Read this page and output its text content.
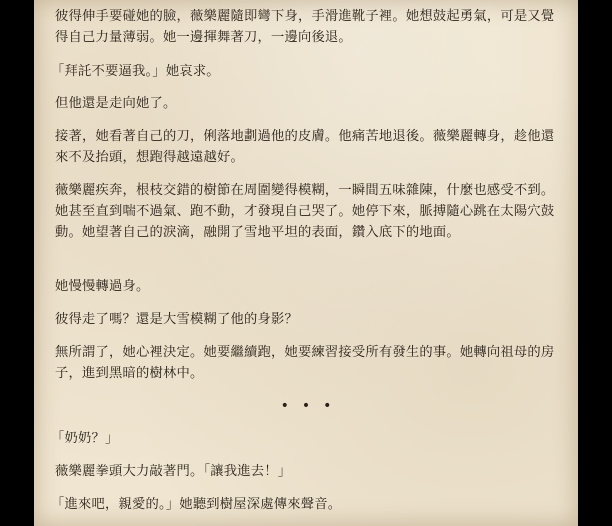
彼得伸手要碰她的臉，薇樂麗隨即彎下身，手滑進靴子裡。她想鼓起勇氣，可是又覺得自己力量薄弱。她一邊揮舞著刀，一邊向後退。

「拜託不要逼我。」她哀求。

但他還是走向她了。

接著，她看著自己的刀，俐落地劃過他的皮膚。他痛苦地退後。薇樂麗轉身，趁他還來不及抬頭，想跑得越遠越好。

薇樂麗疾奔，根枝交錯的樹節在周圍變得模糊，一瞬間五味雜陳，什麼也感受不到。她甚至直到喘不過氣、跑不動，才發現自己哭了。她停下來，脈搏隨心跳在太陽穴鼓動。她望著自己的淚滴，融開了雪地平坦的表面，鑽入底下的地面。

她慢慢轉過身。

彼得走了嗎？還是大雪模糊了他的身影？

無所謂了，她心裡決定。她要繼續跑，她要練習接受所有發生的事。她轉向祖母的房子，進到黑暗的樹林中。

•••

「奶奶？」

薇樂麗拳頭大力敲著門。「讓我進去！」

「進來吧，親愛的。」她聽到樹屋深處傳來聲音。
